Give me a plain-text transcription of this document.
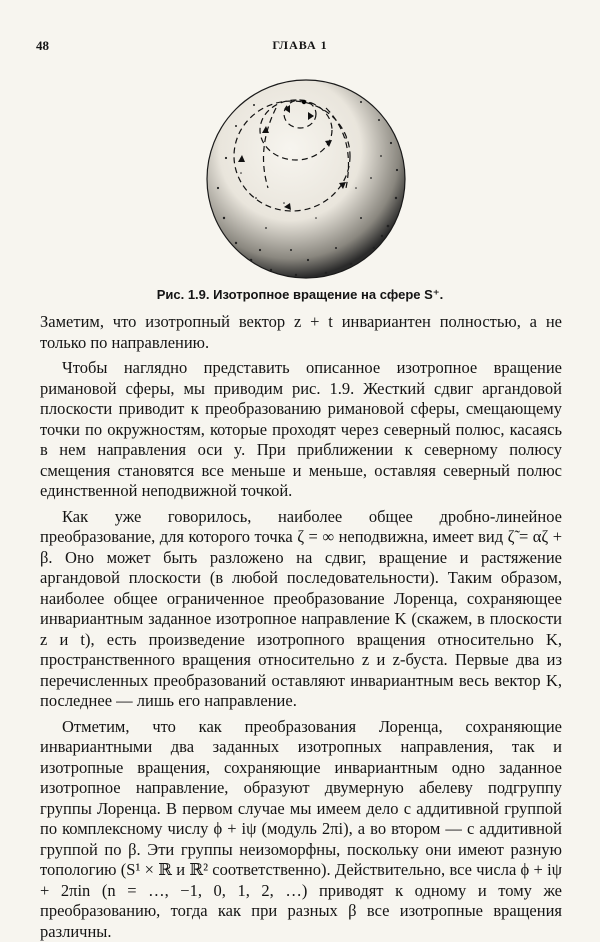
48	ГЛАВА 1
Рис. 1.9. Изотропное вращение на сфере S⁺.

Заметим, что изотропный вектор z + t инвариантен полностью, а не только по направлению.

Чтобы наглядно представить описанное изотропное вращение римановой сферы, мы приводим рис. 1.9. Жесткий сдвиг аргандовой плоскости приводит к преобразованию римановой сферы, смещающему точки по окружностям, которые проходят через северный полюс, касаясь в нем направления оси y. При приближении к северному полюсу смещения становятся все меньше и меньше, оставляя северный полюс единственной неподвижной точкой.

Как уже говорилось, наиболее общее дробно-линейное преобразование, для которого точка ζ = ∞ неподвижна, имеет вид ζ̃ = αζ + β. Оно может быть разложено на сдвиг, вращение и растяжение аргандовой плоскости (в любой последовательности). Таким образом, наиболее общее ограниченное преобразование Лоренца, сохраняющее инвариантным заданное изотропное направление K (скажем, в плоскости z и t), есть произведение изотропного вращения относительно K, пространственного вращения относительно z и z-буста. Первые два из перечисленных преобразований оставляют инвариантным весь вектор K, последнее — лишь его направление.

Отметим, что как преобразования Лоренца, сохраняющие инвариантными два заданных изотропных направления, так и изотропные вращения, сохраняющие инвариантным одно заданное изотропное направление, образуют двумерную абелеву подгруппу группы Лоренца. В первом случае мы имеем дело с аддитивной группой по комплексному числу ϕ + iψ (модуль 2πi), а во втором — с аддитивной группой по β. Эти группы неизоморфны, поскольку они имеют разную топологию (S¹ × ℝ и ℝ² соответственно). Действительно, все числа ϕ + iψ + 2πin (n = …, −1, 0, 1, 2, …) приводят к одному и тому же преобразованию, тогда как при разных β все изотропные вращения различны.
